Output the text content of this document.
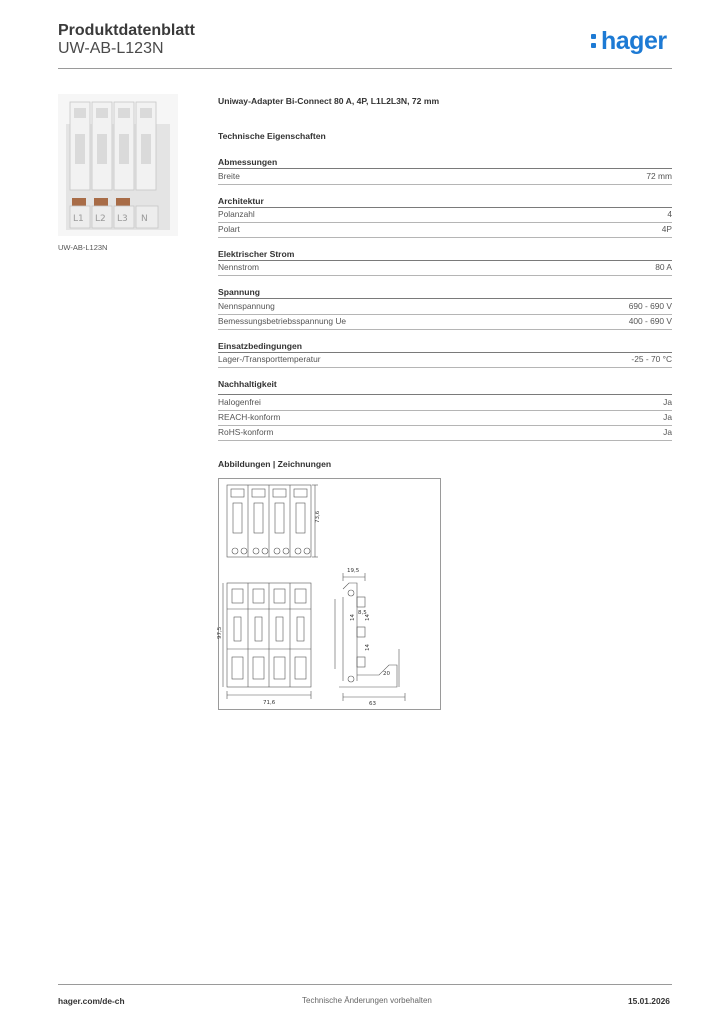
Produktdatenblatt
UW-AB-L123N	hager
L1 L2 L3 N
UW-AB-L123N
Uniway-Adapter Bi-Connect 80 A, 4P, L1L2L3N, 72 mm
Technische Eigenschaften
Abmessungen
Breite	72 mm
Architektur
Polanzahl	4
Polart	4P
Elektrischer Strom
Nennstrom	80 A
Spannung
Nennspannung	690 - 690 V
Bemessungsbetriebsspannung Ue	400 - 690 V
Einsatzbedingungen
Lager-/Transporttemperatur	-25 - 70 °C
Nachhaltigkeit
Halogenfrei	Ja
REACH-konform	Ja
RoHS-konform	Ja
Abbildungen | Zeichnungen
73,6
19,5
97,5
71,6	63
14
14
14
8,5
20
hager.com/de-ch	Technische Änderungen vorbehalten	15.01.2026
